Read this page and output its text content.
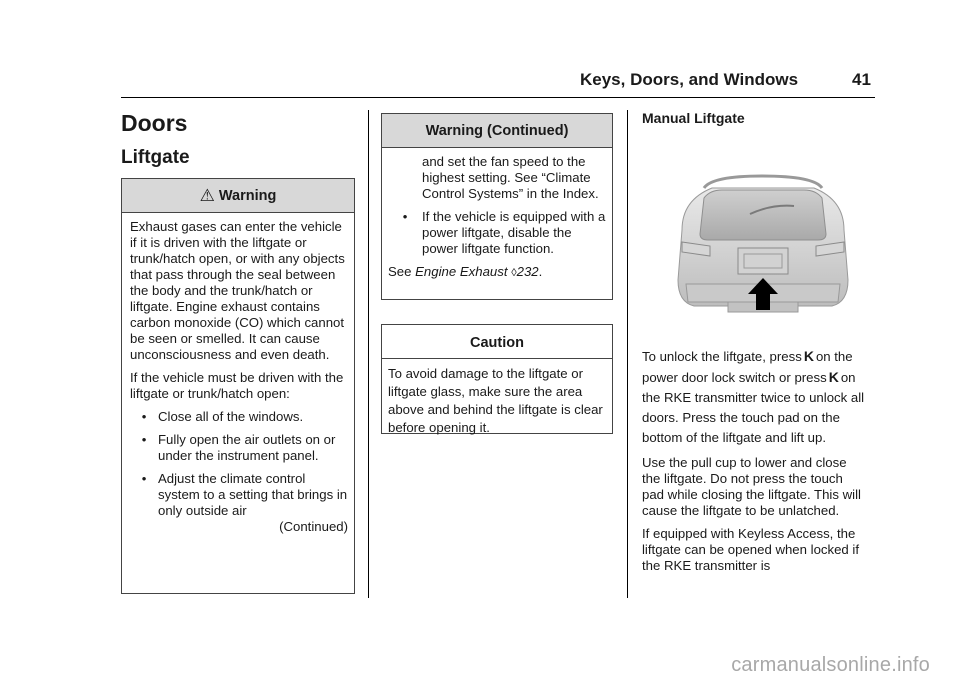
Keys, Doors, and Windows	41
Doors
Liftgate
⚠ Warning

Exhaust gases can enter the vehicle if it is driven with the liftgate or trunk/hatch open, or with any objects that pass through the seal between the body and the trunk/hatch or liftgate. Engine exhaust contains carbon monoxide (CO) which cannot be seen or smelled. It can cause unconsciousness and even death.

If the vehicle must be driven with the liftgate or trunk/hatch open:

• Close all of the windows.
• Fully open the air outlets on or under the instrument panel.
• Adjust the climate control system to a setting that brings in only outside air
(Continued)
Warning (Continued)

and set the fan speed to the highest setting. See “Climate Control Systems” in the Index.

•	If the vehicle is equipped with a power liftgate, disable the power liftgate function.

See Engine Exhaust ◊232.

Caution
To avoid damage to the liftgate or liftgate glass, make sure the area above and behind the liftgate is clear before opening it.
Manual Liftgate

To unlock the liftgate, press K on the power door lock switch or press K on the RKE transmitter twice to unlock all doors. Press the touch pad on the bottom of the liftgate and lift up.

Use the pull cup to lower and close the liftgate. Do not press the touch pad while closing the liftgate. This will cause the liftgate to be unlatched.

If equipped with Keyless Access, the liftgate can be opened when locked if the RKE transmitter is

carmanualsonline.info
